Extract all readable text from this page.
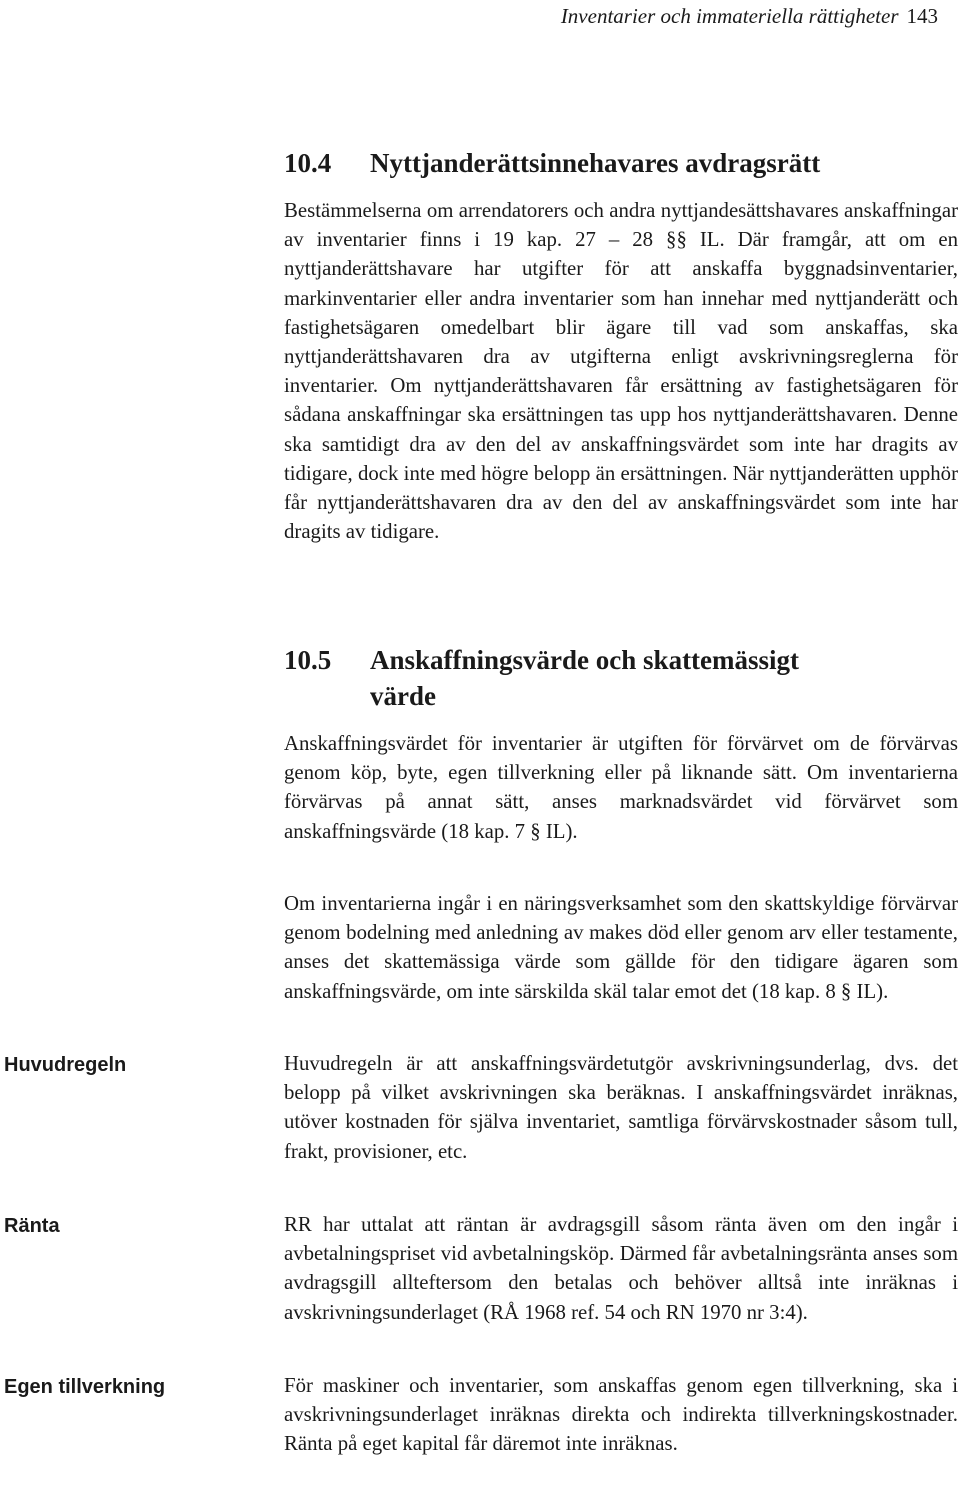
Inventarier och immateriella rättigheter 143
10.4 Nyttjanderättsinnehavares avdragsrätt

Bestämmelserna om arrendatorers och andra nyttjandesättshavares anskaffningar av inventarier finns i 19 kap. 27 – 28 §§ IL. Där framgår, att om en nyttjanderättshavare har utgifter för att anskaffa byggnadsinventarier, markinventarier eller andra inventarier som han innehar med nyttjanderätt och fastighetsägaren omedelbart blir ägare till vad som anskaffas, ska nyttjanderättshavaren dra av utgifterna enligt avskrivningsreglerna för inventarier. Om nyttjanderättshavaren får ersättning av fastighetsägaren för sådana anskaffningar ska ersättningen tas upp hos nyttjanderättshavaren. Denne ska samtidigt dra av den del av anskaffningsvärdet som inte har dragits av tidigare, dock inte med högre belopp än ersättningen. När nyttjanderätten upphör får nyttjanderättshavaren dra av den del av anskaffningsvärdet som inte har dragits av tidigare.

10.5 Anskaffningsvärde och skattemässigt
värde

Anskaffningsvärdet för inventarier är utgiften för förvärvet om de förvärvas genom köp, byte, egen tillverkning eller på liknande sätt. Om inventarierna förvärvas på annat sätt, anses marknadsvärdet vid förvärvet som anskaffningsvärde (18 kap. 7 § IL).

Om inventarierna ingår i en näringsverksamhet som den skattskyldige förvärvar genom bodelning med anledning av makes död eller genom arv eller testamente, anses det skattemässiga värde som gällde för den tidigare ägaren som anskaffningsvärde, om inte särskilda skäl talar emot det (18 kap. 8 § IL).

Huvudregeln är att anskaffningsvärdetutgör avskrivningsunderlag, dvs. det belopp på vilket avskrivningen ska beräknas. I anskaffningsvärdet inräknas, utöver kostnaden för själva inventariet, samtliga förvärvskostnader såsom tull, frakt, provisioner, etc.

RR har uttalat att räntan är avdragsgill såsom ränta även om den ingår i avbetalningspriset vid avbetalningsköp. Därmed får avbetalningsränta anses som avdragsgill allteftersom den betalas och behöver alltså inte inräknas i avskrivningsunderlaget (RÅ 1968 ref. 54 och RN 1970 nr 3:4).

För maskiner och inventarier, som anskaffas genom egen tillverkning, ska i avskrivningsunderlaget inräknas direkta och indirekta tillverkningskostnader. Ränta på eget kapital får däremot inte inräknas.

Huvudregeln
Ränta
Egen tillverkning
